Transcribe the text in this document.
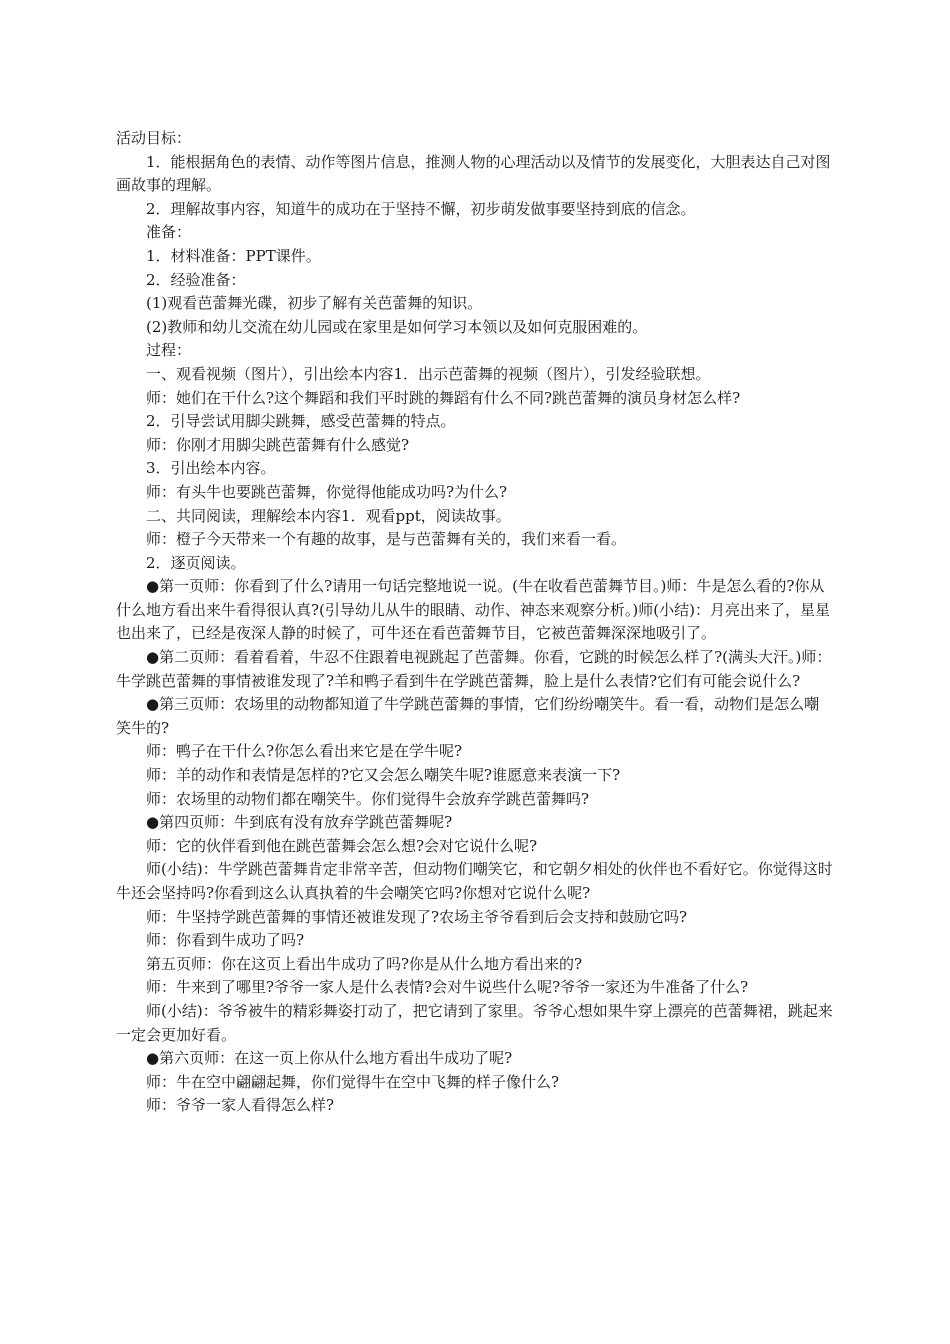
活动目标：

1．能根据角色的表情、动作等图片信息，推测人物的心理活动以及情节的发展变化，大胆表达自己对图画故事的理解。

2．理解故事内容，知道牛的成功在于坚持不懈，初步萌发做事要坚持到底的信念。

准备：

1．材料准备：PPT课件。

2．经验准备：

(1)观看芭蕾舞光碟，初步了解有关芭蕾舞的知识。

(2)教师和幼儿交流在幼儿园或在家里是如何学习本领以及如何克服困难的。

过程：

一、观看视频（图片），引出绘本内容1．出示芭蕾舞的视频（图片），引发经验联想。

师：她们在干什么?这个舞蹈和我们平时跳的舞蹈有什么不同?跳芭蕾舞的演员身材怎么样?

2．引导尝试用脚尖跳舞，感受芭蕾舞的特点。

师：你刚才用脚尖跳芭蕾舞有什么感觉?

3．引出绘本内容。

师：有头牛也要跳芭蕾舞，你觉得他能成功吗?为什么?

二、共同阅读，理解绘本内容1．观看ppt，阅读故事。

师：橙子今天带来一个有趣的故事，是与芭蕾舞有关的，我们来看一看。

2．逐页阅读。

●第一页师：你看到了什么?请用一句话完整地说一说。(牛在收看芭蕾舞节目。)师：牛是怎么看的?你从什么地方看出来牛看得很认真?(引导幼儿从牛的眼睛、动作、神态来观察分析。)师(小结)：月亮出来了，星星也出来了，已经是夜深人静的时候了，可牛还在看芭蕾舞节目，它被芭蕾舞深深地吸引了。

●第二页师：看着看着，牛忍不住跟着电视跳起了芭蕾舞。你看，它跳的时候怎么样了?(满头大汗。)师：牛学跳芭蕾舞的事情被谁发现了?羊和鸭子看到牛在学跳芭蕾舞，脸上是什么表情?它们有可能会说什么?

●第三页师：农场里的动物都知道了牛学跳芭蕾舞的事情，它们纷纷嘲笑牛。看一看，动物们是怎么嘲笑牛的?

师：鸭子在干什么?你怎么看出来它是在学牛呢?

师：羊的动作和表情是怎样的?它又会怎么嘲笑牛呢?谁愿意来表演一下?

师：农场里的动物们都在嘲笑牛。你们觉得牛会放弃学跳芭蕾舞吗?

●第四页师：牛到底有没有放弃学跳芭蕾舞呢?

师：它的伙伴看到他在跳芭蕾舞会怎么想?会对它说什么呢?

师(小结)：牛学跳芭蕾舞肯定非常辛苦，但动物们嘲笑它，和它朝夕相处的伙伴也不看好它。你觉得这时牛还会坚持吗?你看到这么认真执着的牛会嘲笑它吗?你想对它说什么呢?

师：牛坚持学跳芭蕾舞的事情还被谁发现了?农场主爷爷看到后会支持和鼓励它吗?

师：你看到牛成功了吗?

第五页师：你在这页上看出牛成功了吗?你是从什么地方看出来的?

师：牛来到了哪里?爷爷一家人是什么表情?会对牛说些什么呢?爷爷一家还为牛准备了什么?

师(小结)：爷爷被牛的精彩舞姿打动了，把它请到了家里。爷爷心想如果牛穿上漂亮的芭蕾舞裙，跳起来一定会更加好看。

●第六页师：在这一页上你从什么地方看出牛成功了呢?

师：牛在空中翩翩起舞，你们觉得牛在空中飞舞的样子像什么?

师：爷爷一家人看得怎么样?
